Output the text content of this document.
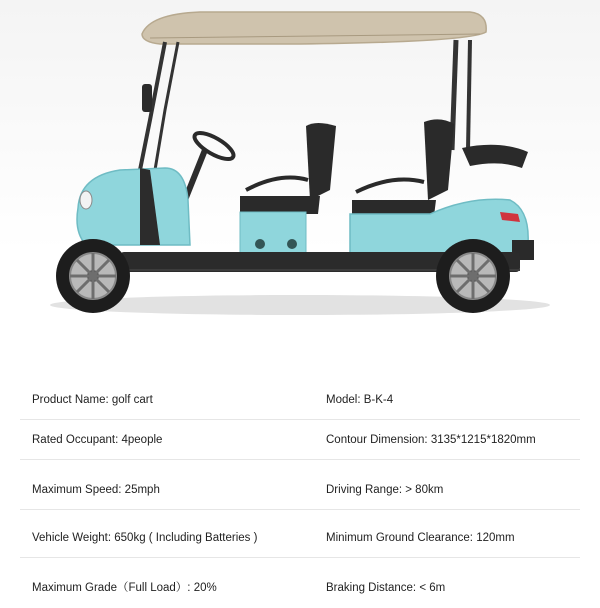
Product Name: golf cart	Model: B-K-4
Rated Occupant: 4people	Contour Dimension: 3135*1215*1820mm
Maximum Speed: 25mph	Driving Range: > 80km
Vehicle Weight: 650kg ( Including Batteries )	Minimum Ground Clearance: 120mm
Maximum Grade（Full Load）: 20%	Braking Distance: < 6m
